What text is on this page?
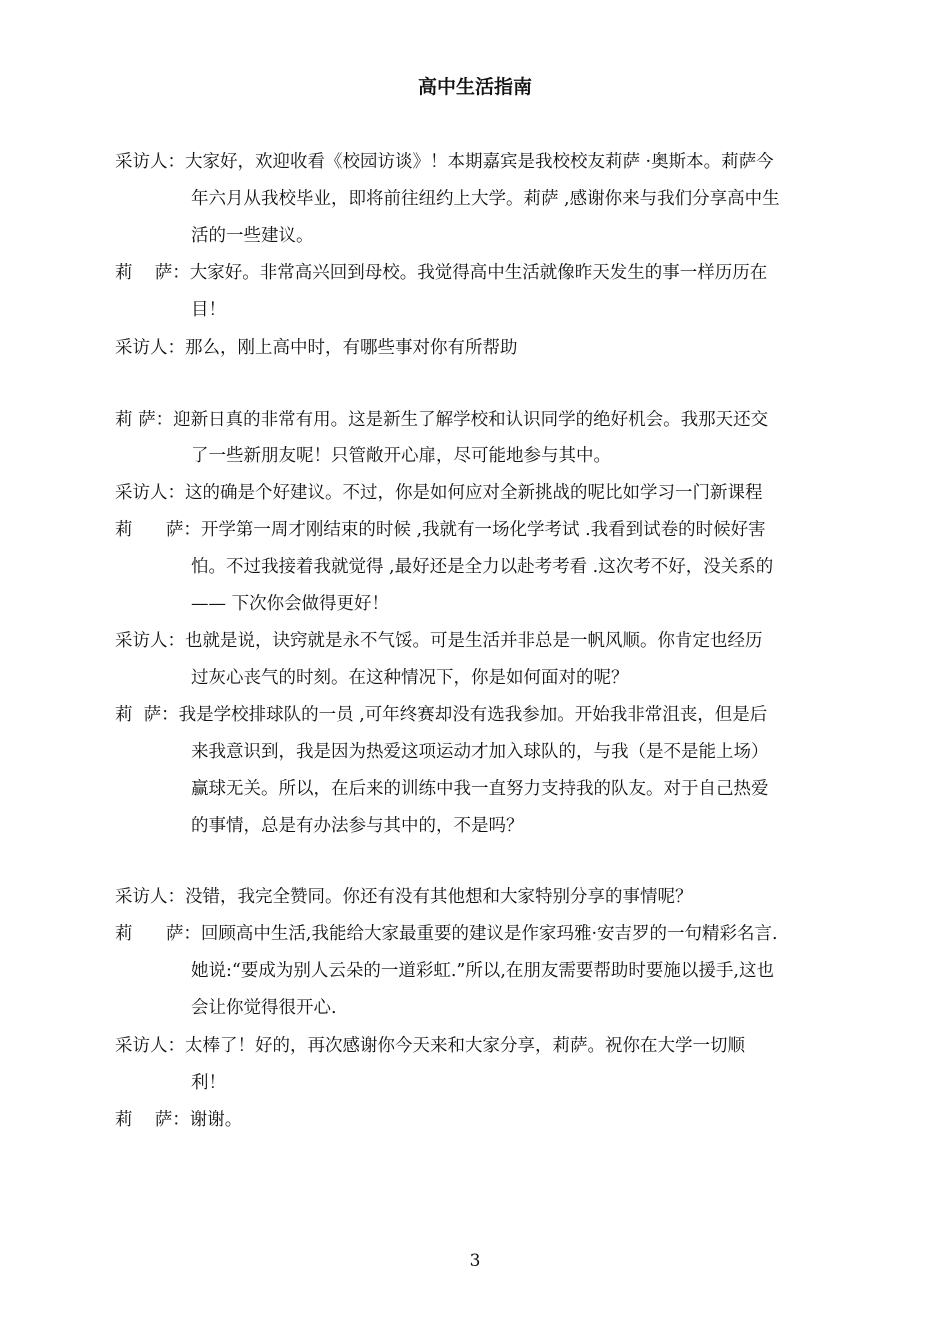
高中生活指南
采访人：大家好，欢迎收看《校园访谈》！本期嘉宾是我校校友莉萨 ·奥斯本。莉萨今
年六月从我校毕业，即将前往纽约上大学。莉萨 ,感谢你来与我们分享高中生
活的一些建议。
莉    萨：大家好。非常高兴回到母校。我觉得高中生活就像昨天发生的事一样历历在
目！
采访人：那么，刚上高中时，有哪些事对你有所帮助
莉 萨：迎新日真的非常有用。这是新生了解学校和认识同学的绝好机会。我那天还交
了一些新朋友呢！只管敞开心扉，尽可能地参与其中。
采访人：这的确是个好建议。不过，你是如何应对全新挑战的呢比如学习一门新课程
莉      萨：开学第一周才刚结束的时候 ,我就有一场化学考试 .我看到试卷的时候好害
怕。不过我接着我就觉得 ,最好还是全力以赴考考看 .这次考不好，没关系的
—— 下次你会做得更好！
采访人：也就是说，诀窍就是永不气馁。可是生活并非总是一帆风顺。你肯定也经历
过灰心丧气的时刻。在这种情况下，你是如何面对的呢？
莉  萨：我是学校排球队的一员 ,可年终赛却没有选我参加。开始我非常沮丧，但是后
来我意识到，我是因为热爱这项运动才加入球队的，与我（是不是能上场）
赢球无关。所以，在后来的训练中我一直努力支持我的队友。对于自己热爱
的事情，总是有办法参与其中的，不是吗？
采访人：没错，我完全赞同。你还有没有其他想和大家特别分享的事情呢？
莉      萨：回顾高中生活,我能给大家最重要的建议是作家玛雅·安吉罗的一句精彩名言.
她说:“要成为别人云朵的一道彩虹.”所以,在朋友需要帮助时要施以援手,这也
会让你觉得很开心.
采访人：太棒了！好的，再次感谢你今天来和大家分享，莉萨。祝你在大学一切顺
利！
莉    萨：谢谢。
3
